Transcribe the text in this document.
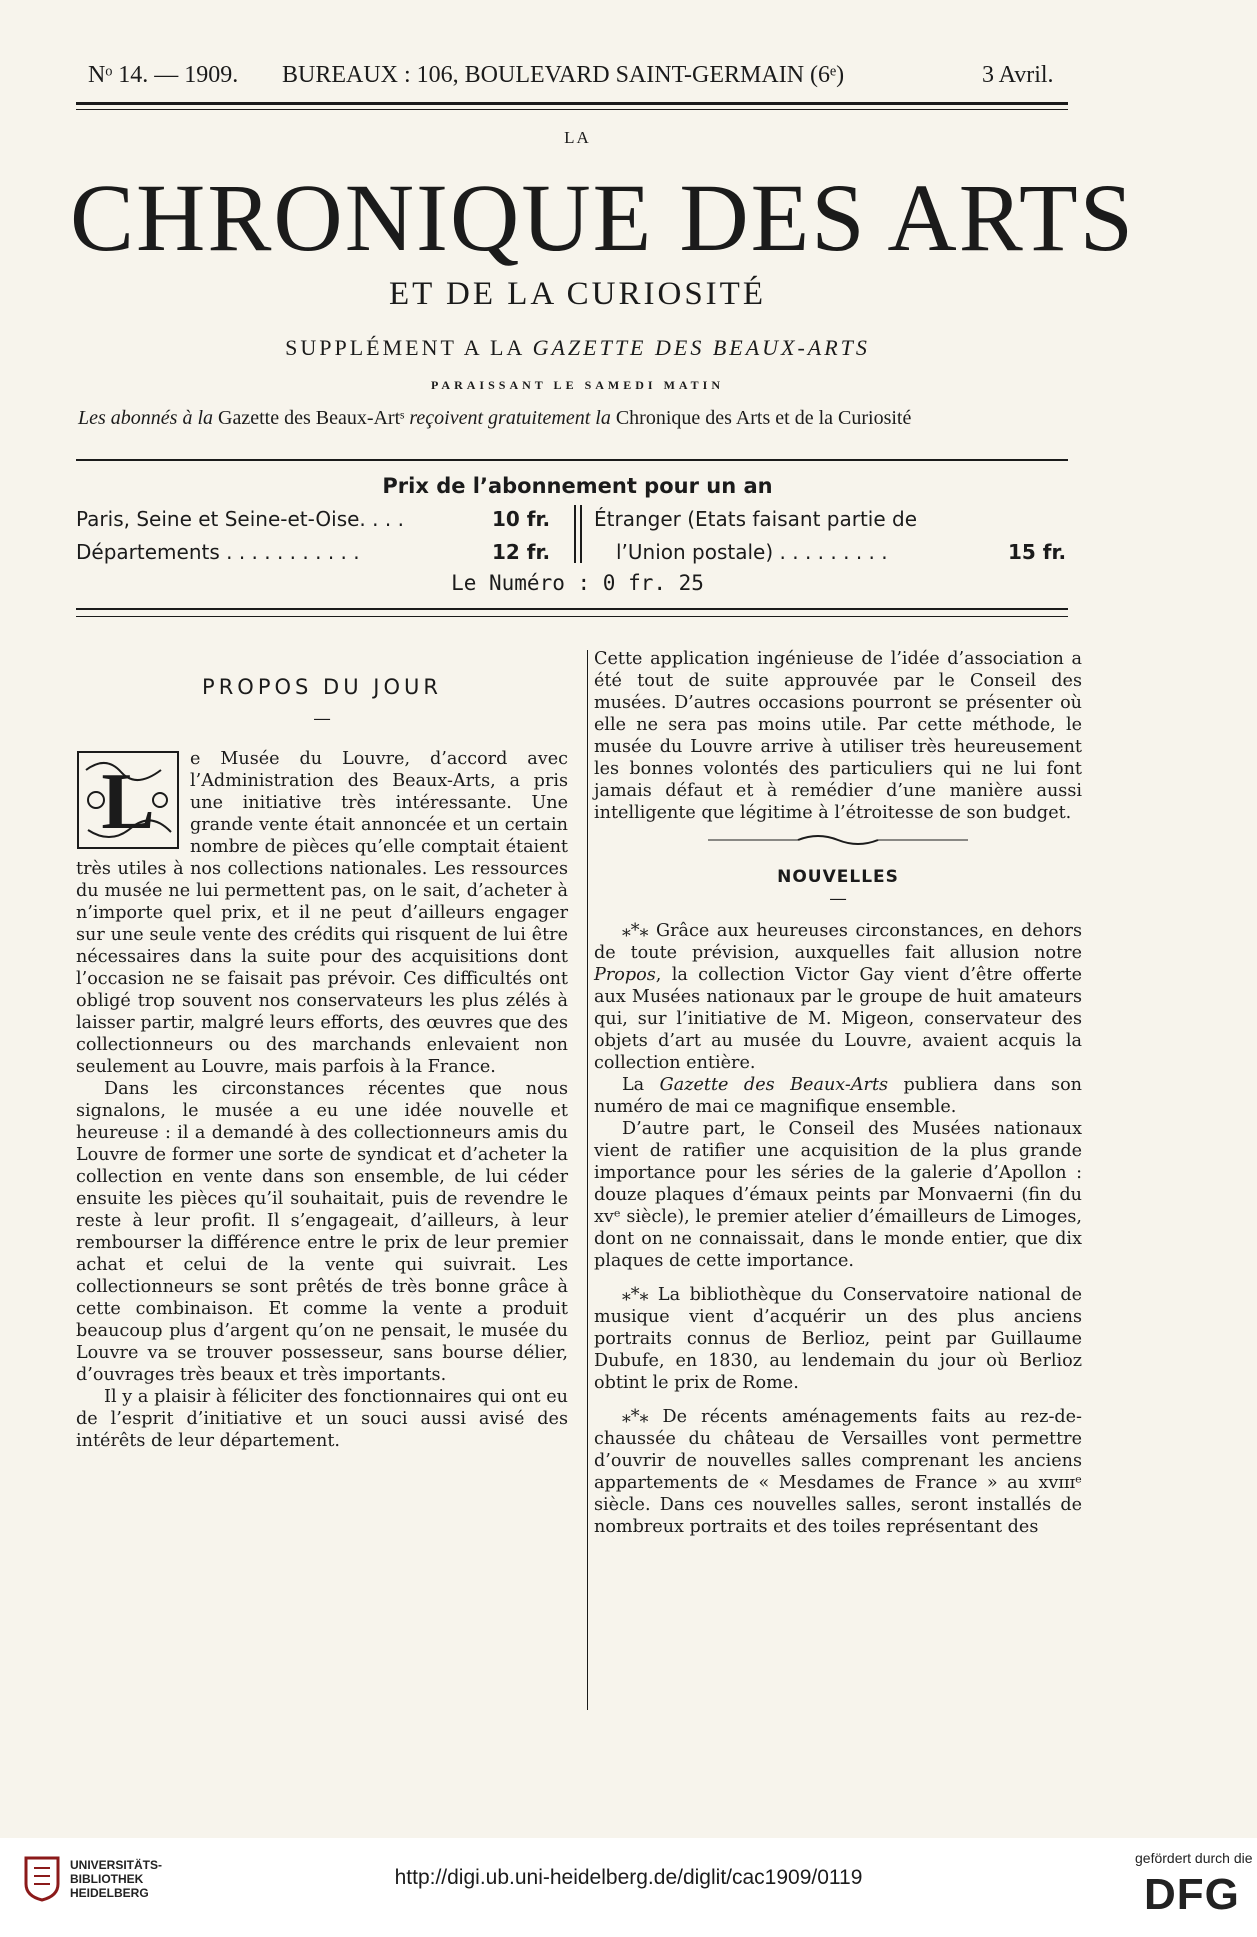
Nᵒ 14. — 1909. BUREAUX : 106, BOULEVARD SAINT-GERMAIN (6ᵉ)	3 Avril.
LA
CHRONIQUE DES ARTS
ET DE LA CURIOSITÉ
SUPPLÉMENT A LA GAZETTE DES BEAUX-ARTS
PARAISSANT LE SAMEDI MATIN
Les abonnés à la Gazette des Beaux-Artˢ reçoivent gratuitement la Chronique des Arts et de la Curiosité
Prix de l’abonnement pour un an
Paris, Seine et Seine-et-Oise. . . .	10 fr.
Départements . . . . . . . . . . .	12 fr.
Étranger (Etats faisant partie de
l’Union postale) . . . . . . . . .	15 fr.
Le Numéro : 0 fr. 25
PROPOS DU JOUR
—
L	e Musée du Louvre, d’accord avec l’Administration des Beaux-Arts, a pris une initiative très intéressante. Une grande vente était annoncée et un certain nombre de pièces qu’elle comptait étaient très utiles à nos collections nationales. Les ressources du musée ne lui permettent pas, on le sait, d’acheter à n’importe quel prix, et il ne peut d’ailleurs engager sur une seule vente des crédits qui risquent de lui être nécessaires dans la suite pour des acquisitions dont l’occasion ne se faisait pas prévoir. Ces difficultés ont obligé trop souvent nos conservateurs les plus zélés à laisser partir, malgré leurs efforts, des œuvres que des collectionneurs ou des marchands enlevaient non seulement au Louvre, mais parfois à la France.

Dans les circonstances récentes que nous signalons, le musée a eu une idée nouvelle et heureuse : il a demandé à des collectionneurs amis du Louvre de former une sorte de syndicat et d’acheter la collection en vente dans son ensemble, de lui céder ensuite les pièces qu’il souhaitait, puis de revendre le reste à leur profit. Il s’engageait, d’ailleurs, à leur rembourser la différence entre le prix de leur premier achat et celui de la vente qui suivrait. Les collectionneurs se sont prêtés de très bonne grâce à cette combinaison. Et comme la vente a produit beaucoup plus d’argent qu’on ne pensait, le musée du Louvre va se trouver possesseur, sans bourse délier, d’ouvrages très beaux et très importants.

Il y a plaisir à féliciter des fonctionnaires qui ont eu de l’esprit d’initiative et un souci aussi avisé des intérêts de leur département.

Cette application ingénieuse de l’idée d’association a été tout de suite approuvée par le Conseil des musées. D’autres occasions pourront se présenter où elle ne sera pas moins utile. Par cette méthode, le musée du Louvre arrive à utiliser très heureusement les bonnes volontés des particuliers qui ne lui font jamais défaut et à remédier d’une manière aussi intelligente que légitime à l’étroitesse de son budget.

NOUVELLES
—

⁎*⁎ Grâce aux heureuses circonstances, en dehors de toute prévision, auxquelles fait allusion notre Propos, la collection Victor Gay vient d’être offerte aux Musées nationaux par le groupe de huit amateurs qui, sur l’initiative de M. Migeon, conservateur des objets d’art au musée du Louvre, avaient acquis la collection entière.

La Gazette des Beaux-Arts publiera dans son numéro de mai ce magnifique ensemble.

D’autre part, le Conseil des Musées nationaux vient de ratifier une acquisition de la plus grande importance pour les séries de la galerie d’Apollon : douze plaques d’émaux peints par Monvaerni (fin du xvᵉ siècle), le premier atelier d’émailleurs de Limoges, dont on ne connaissait, dans le monde entier, que dix plaques de cette importance.

⁎*⁎ La bibliothèque du Conservatoire national de musique vient d’acquérir un des plus anciens portraits connus de Berlioz, peint par Guillaume Dubufe, en 1830, au lendemain du jour où Berlioz obtint le prix de Rome.

⁎*⁎ De récents aménagements faits au rez-de-chaussée du château de Versailles vont permettre d’ouvrir de nouvelles salles comprenant les anciens appartements de « Mesdames de France » au xvɪɪɪᵉ siècle. Dans ces nouvelles salles, seront installés de nombreux portraits et des toiles représentant des

UNIVERSITÄTS-
BIBLIOTHEK
HEIDELBERG
http://digi.ub.uni-heidelberg.de/diglit/cac1909/0119
gefördert durch die
DFG
